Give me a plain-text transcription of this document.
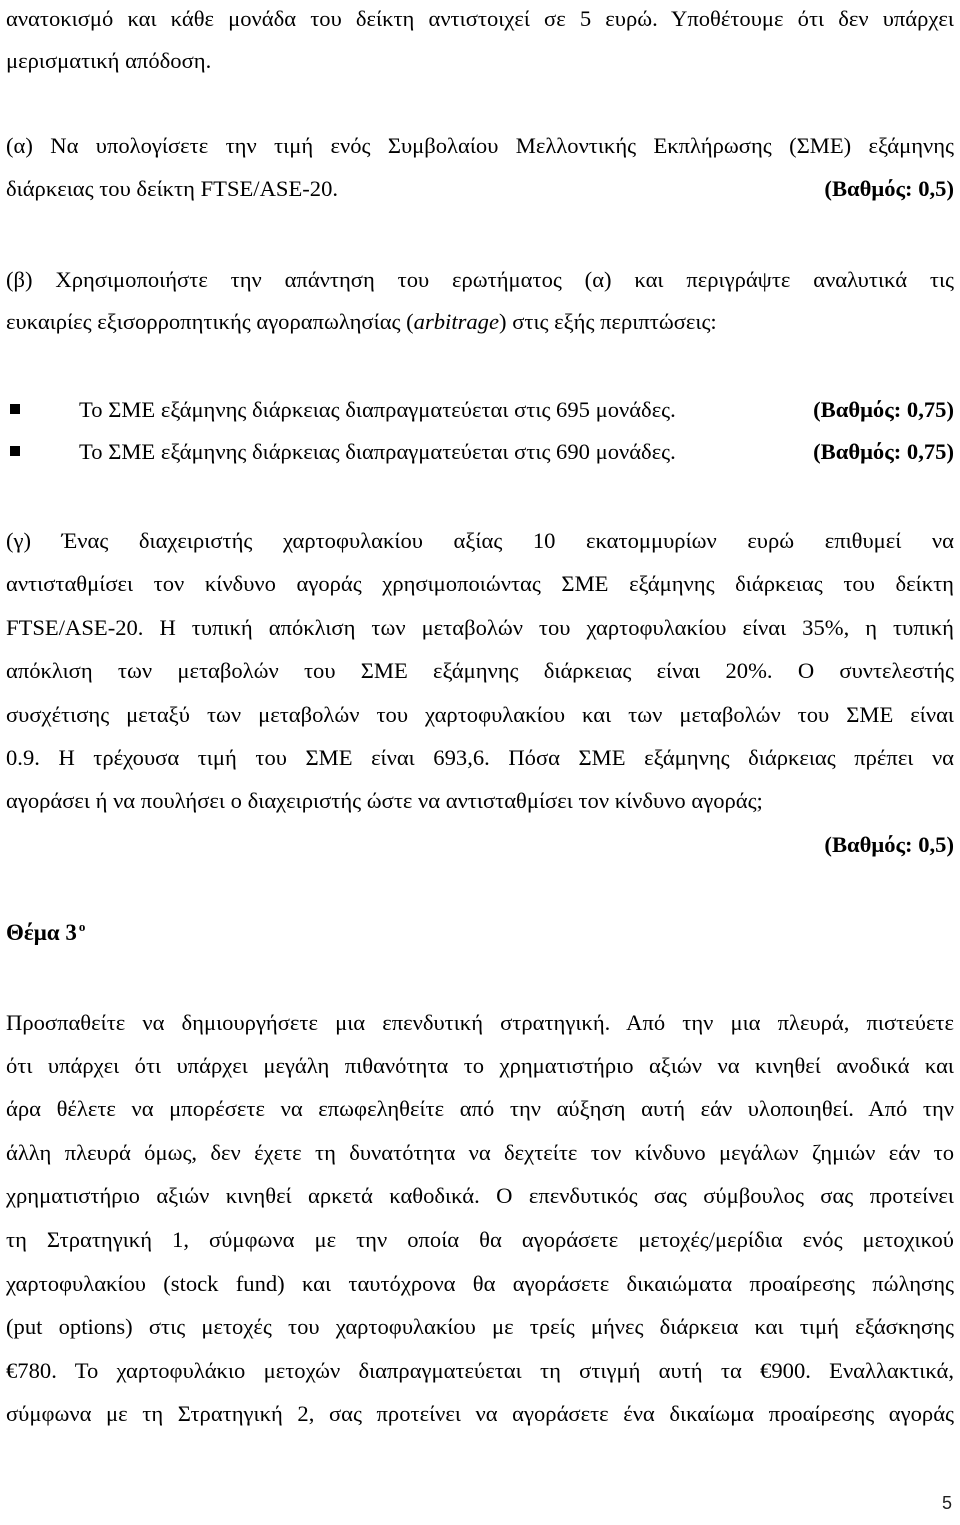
ανατοκισμό και κάθε μονάδα του δείκτη αντιστοιχεί σε 5 ευρώ. Υποθέτουμε ότι δεν υπάρχει
μερισματική απόδοση.
(α) Να υπολογίσετε την τιμή ενός Συμβολαίου Μελλοντικής Εκπλήρωσης (ΣΜΕ) εξάμηνης
διάρκειας του δείκτη FTSE/ASE-20.	(Βαθμός: 0,5)
(β) Χρησιμοποιήστε την απάντηση του ερωτήματος (α) και περιγράψτε αναλυτικά τις
ευκαιρίες εξισορροπητικής αγοραπωλησίας (arbitrage) στις εξής περιπτώσεις:
Το ΣΜΕ εξάμηνης διάρκειας διαπραγματεύεται στις 695 μονάδες.	(Βαθμός: 0,75)
Το ΣΜΕ εξάμηνης διάρκειας διαπραγματεύεται στις 690 μονάδες.	(Βαθμός: 0,75)
(γ) Ένας διαχειριστής χαρτοφυλακίου αξίας 10 εκατομμυρίων ευρώ επιθυμεί να
αντισταθμίσει τον κίνδυνο αγοράς χρησιμοποιώντας ΣΜΕ εξάμηνης διάρκειας του δείκτη
FTSE/ASE-20. Η τυπική απόκλιση των μεταβολών του χαρτοφυλακίου είναι 35%, η τυπική
απόκλιση των μεταβολών του ΣΜΕ εξάμηνης διάρκειας είναι 20%. Ο συντελεστής
συσχέτισης μεταξύ των μεταβολών του χαρτοφυλακίου και των μεταβολών του ΣΜΕ είναι
0.9. Η τρέχουσα τιμή του ΣΜΕ είναι 693,6. Πόσα ΣΜΕ εξάμηνης διάρκειας πρέπει να
αγοράσει ή να πουλήσει ο διαχειριστής ώστε να αντισταθμίσει τον κίνδυνο αγοράς;
(Βαθμός: 0,5)
Θέμα 3 $^o$
Προσπαθείτε να δημιουργήσετε μια επενδυτική στρατηγική. Από την μια πλευρά, πιστεύετε
ότι υπάρχει ότι υπάρχει μεγάλη πιθανότητα το χρηματιστήριο αξιών να κινηθεί ανοδικά και
άρα θέλετε να μπορέσετε να επωφεληθείτε από την αύξηση αυτή εάν υλοποιηθεί. Από την
άλλη πλευρά όμως, δεν έχετε τη δυνατότητα να δεχτείτε τον κίνδυνο μεγάλων ζημιών εάν το
χρηματιστήριο αξιών κινηθεί αρκετά καθοδικά. Ο επενδυτικός σας σύμβουλος σας προτείνει
τη Στρατηγική 1, σύμφωνα με την οποία θα αγοράσετε μετοχές/μερίδια ενός μετοχικού
χαρτοφυλακίου (stock fund) και ταυτόχρονα θα αγοράσετε δικαιώματα προαίρεσης πώλησης
(put options) στις μετοχές του χαρτοφυλακίου με τρείς μήνες διάρκεια και τιμή εξάσκησης
€780. Το χαρτοφυλάκιο μετοχών διαπραγματεύεται τη στιγμή αυτή τα €900. Εναλλακτικά,
σύμφωνα με τη Στρατηγική 2, σας προτείνει να αγοράσετε ένα δικαίωμα προαίρεσης αγοράς
5
